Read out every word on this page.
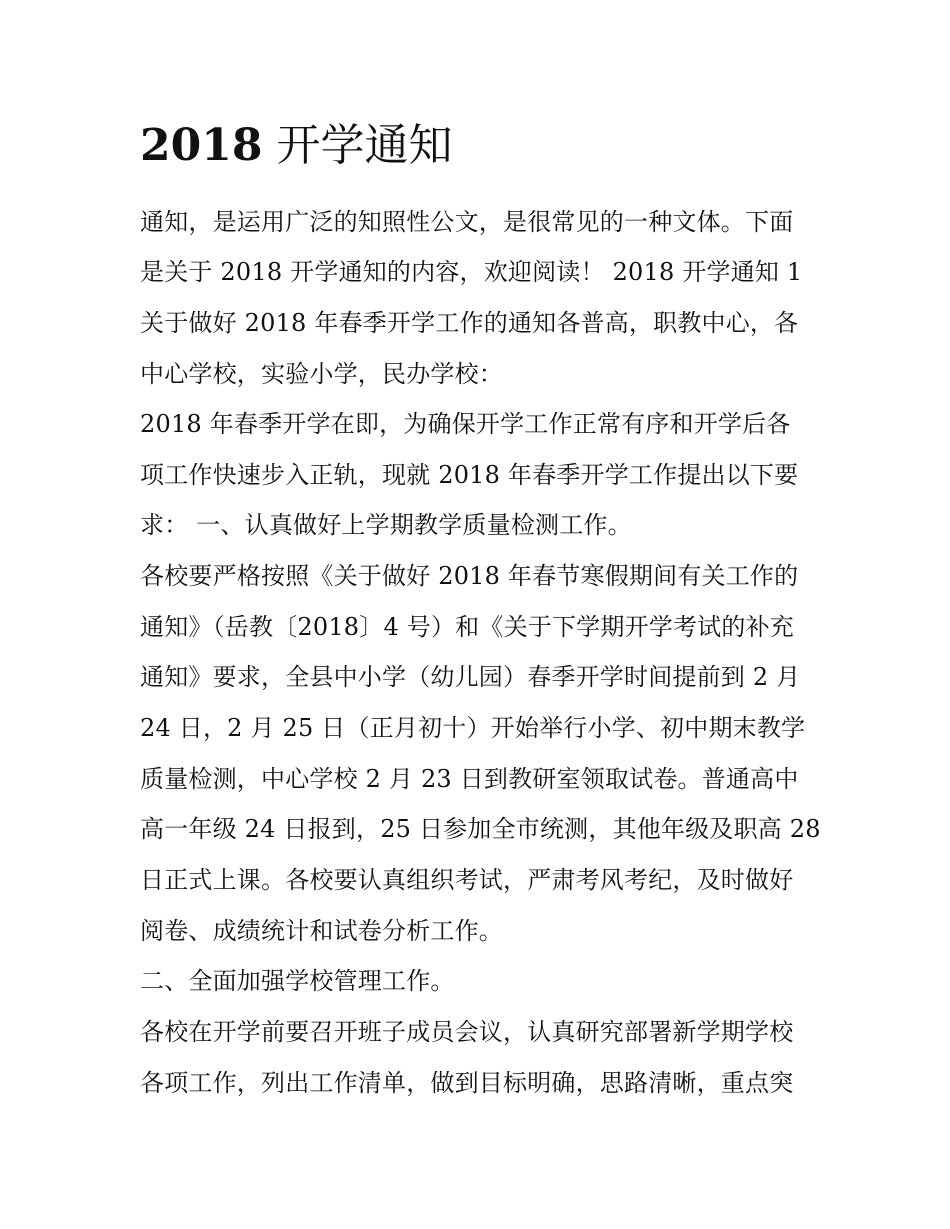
2018 开学通知
通知，是运用广泛的知照性公文，是很常见的一种文体。下面
是关于 2018 开学通知的内容，欢迎阅读！ 2018 开学通知 1
关于做好 2018 年春季开学工作的通知各普高，职教中心，各
中心学校，实验小学，民办学校：
2018 年春季开学在即，为确保开学工作正常有序和开学后各
项工作快速步入正轨，现就 2018 年春季开学工作提出以下要
求： 一、认真做好上学期教学质量检测工作。
各校要严格按照《关于做好 2018 年春节寒假期间有关工作的
通知》（岳教〔2018〕4 号）和《关于下学期开学考试的补充
通知》要求，全县中小学（幼儿园）春季开学时间提前到 2 月
24 日，2 月 25 日（正月初十）开始举行小学、初中期末教学
质量检测，中心学校 2 月 23 日到教研室领取试卷。普通高中
高一年级 24 日报到，25 日参加全市统测，其他年级及职高 28
日正式上课。各校要认真组织考试，严肃考风考纪，及时做好
阅卷、成绩统计和试卷分析工作。
二、全面加强学校管理工作。
各校在开学前要召开班子成员会议，认真研究部署新学期学校
各项工作，列出工作清单，做到目标明确，思路清晰，重点突
